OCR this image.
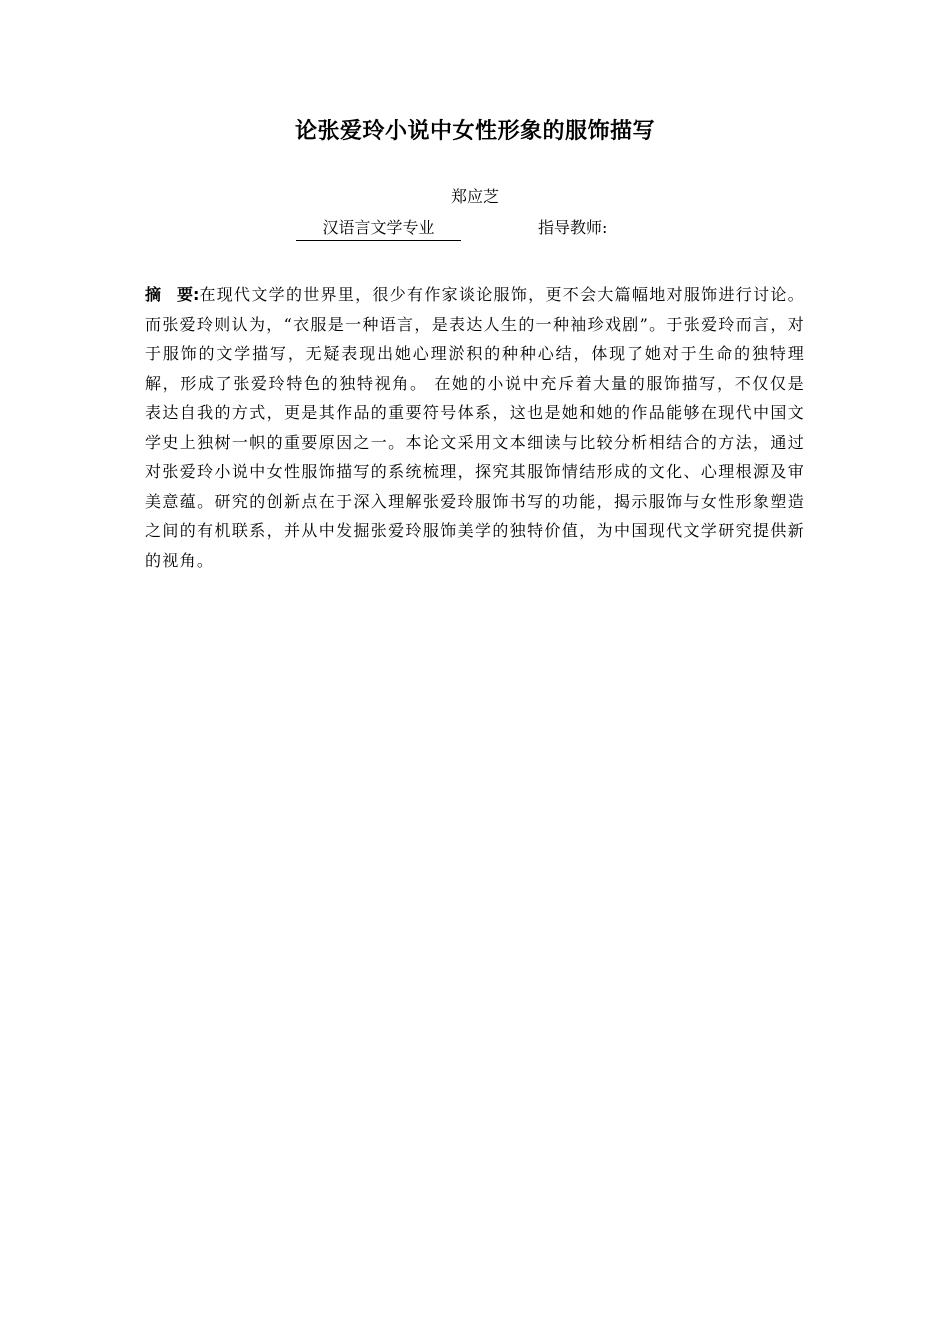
论张爱玲小说中女性形象的服饰描写
郑应芝
汉语言文学专业	指导教师:

摘 要:在现代文学的世界里，很少有作家谈论服饰，更不会大篇幅地对服饰进行讨论。而张爱玲则认为，“衣服是一种语言，是表达人生的一种袖珍戏剧”。于张爱玲而言，对于服饰的文学描写，无疑表现出她心理淤积的种种心结，体现了她对于生命的独特理解，形成了张爱玲特色的独特视角。 在她的小说中充斥着大量的服饰描写，不仅仅是表达自我的方式，更是其作品的重要符号体系，这也是她和她的作品能够在现代中国文学史上独树一帜的重要原因之一。本论文采用文本细读与比较分析相结合的方法，通过对张爱玲小说中女性服饰描写的系统梳理，探究其服饰情结形成的文化、心理根源及审美意蕴。研究的创新点在于深入理解张爱玲服饰书写的功能，揭示服饰与女性形象塑造之间的有机联系，并从中发掘张爱玲服饰美学的独特价值，为中国现代文学研究提供新的视角。
